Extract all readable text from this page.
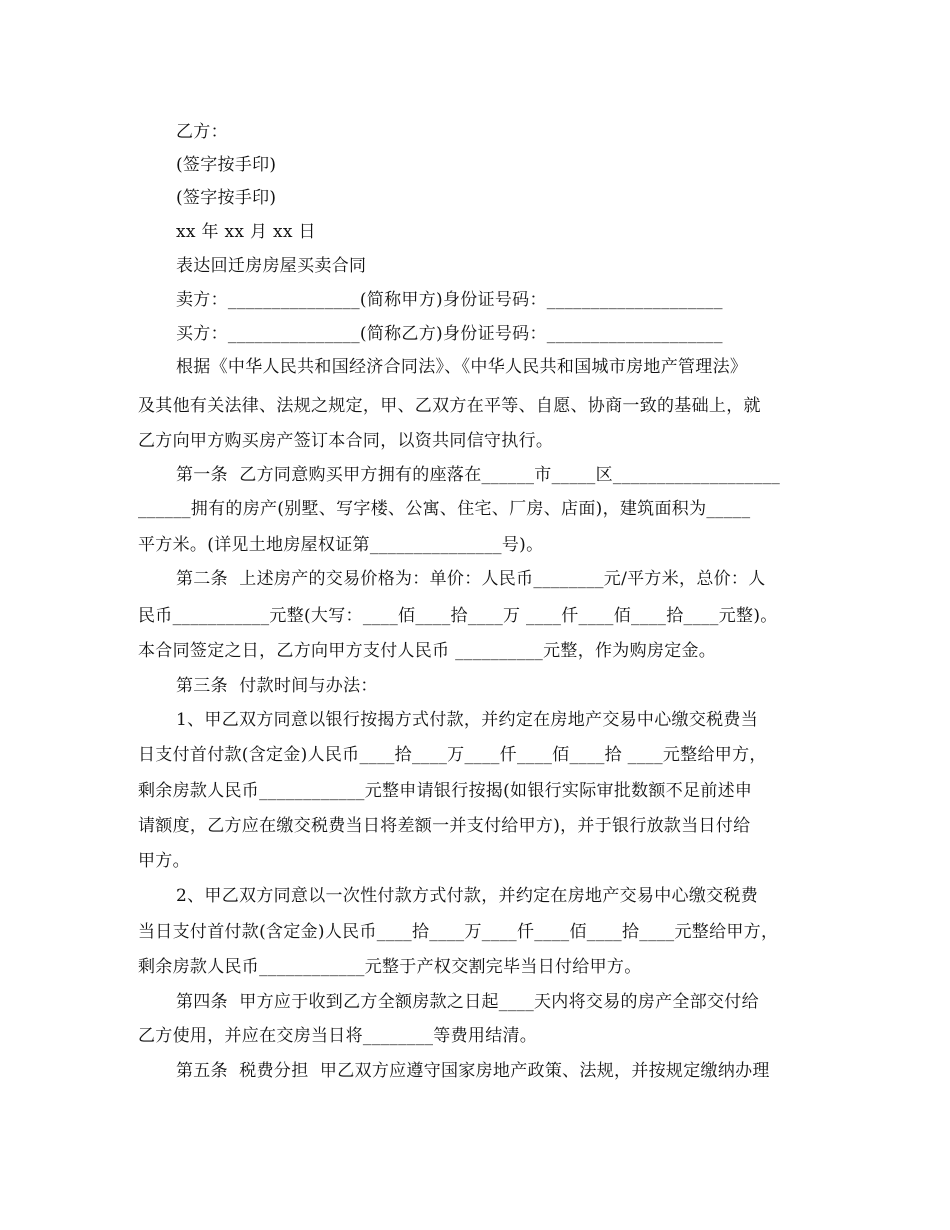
乙方：
(签字按手印)
(签字按手印)
xx 年 xx 月 xx 日
表达回迁房房屋买卖合同
卖方：_______________(简称甲方)身份证号码：____________________
买方：_______________(简称乙方)身份证号码：____________________
根据《中华人民共和国经济合同法》、《中华人民共和国城市房地产管理法》
及其他有关法律、法规之规定，甲、乙双方在平等、自愿、协商一致的基础上，就
乙方向甲方购买房产签订本合同，以资共同信守执行。
第一条  乙方同意购买甲方拥有的座落在______市_____区___________________
______拥有的房产(别墅、写字楼、公寓、住宅、厂房、店面)，建筑面积为_____
平方米。(详见土地房屋权证第_______________号)。
第二条  上述房产的交易价格为：单价：人民币________元/平方米，总价：人
民币___________元整(大写：____佰____拾____万 ____仟____佰____拾____元整)。
本合同签定之日，乙方向甲方支付人民币 __________元整，作为购房定金。
第三条  付款时间与办法：
1、甲乙双方同意以银行按揭方式付款，并约定在房地产交易中心缴交税费当
日支付首付款(含定金)人民币____拾____万____仟____佰____拾 ____元整给甲方，
剩余房款人民币____________元整申请银行按揭(如银行实际审批数额不足前述申
请额度，乙方应在缴交税费当日将差额一并支付给甲方)，并于银行放款当日付给
甲方。
2、甲乙双方同意以一次性付款方式付款，并约定在房地产交易中心缴交税费
当日支付首付款(含定金)人民币____拾____万____仟____佰____拾____元整给甲方，
剩余房款人民币____________元整于产权交割完毕当日付给甲方。
第四条  甲方应于收到乙方全额房款之日起____天内将交易的房产全部交付给
乙方使用，并应在交房当日将________等费用结清。
第五条  税费分担  甲乙双方应遵守国家房地产政策、法规，并按规定缴纳办理
